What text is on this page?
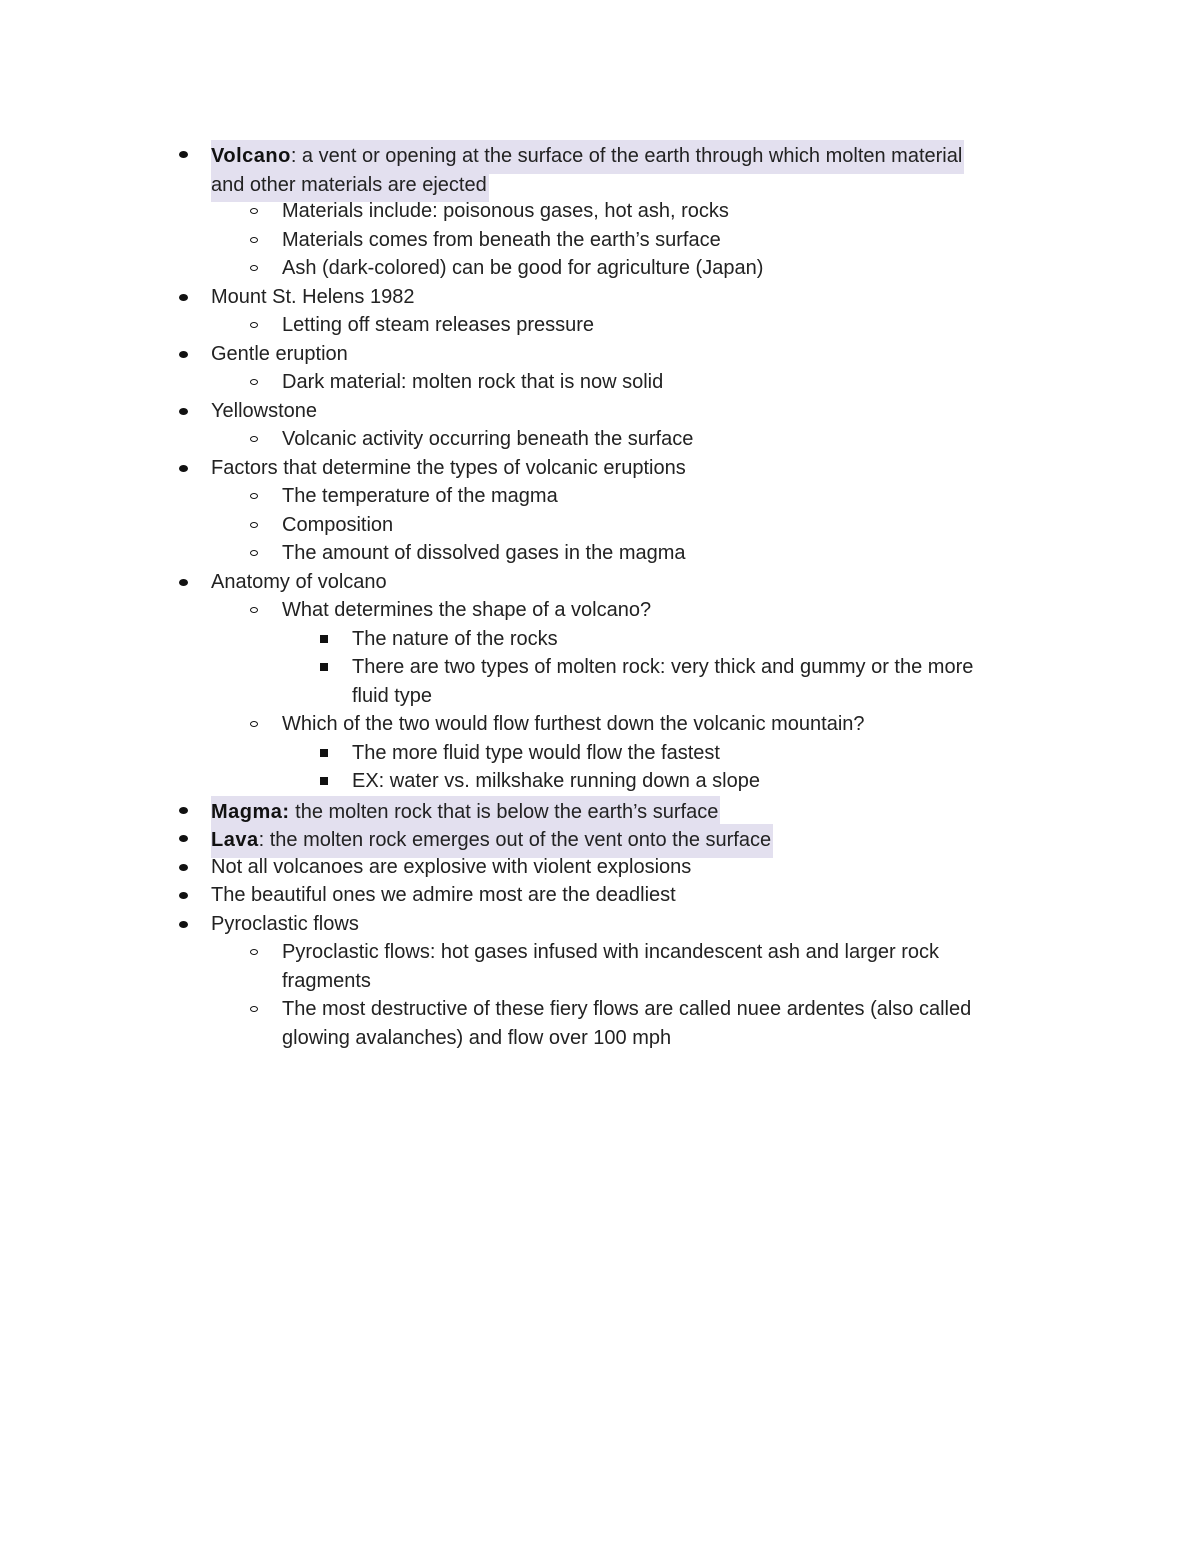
Volcano: a vent or opening at the surface of the earth through which molten material
and other materials are ejected
Materials include: poisonous gases, hot ash, rocks
Materials comes from beneath the earth’s surface
Ash (dark-colored) can be good for agriculture (Japan)
Mount St. Helens 1982
Letting off steam releases pressure
Gentle eruption
Dark material: molten rock that is now solid
Yellowstone
Volcanic activity occurring beneath the surface
Factors that determine the types of volcanic eruptions
The temperature of the magma
Composition
The amount of dissolved gases in the magma
Anatomy of volcano
What determines the shape of a volcano?
The nature of the rocks
There are two types of molten rock: very thick and gummy or the more
fluid type
Which of the two would flow furthest down the volcanic mountain?
The more fluid type would flow the fastest
EX: water vs. milkshake running down a slope
Magma: the molten rock that is below the earth’s surface
Lava: the molten rock emerges out of the vent onto the surface
Not all volcanoes are explosive with violent explosions
The beautiful ones we admire most are the deadliest
Pyroclastic flows
Pyroclastic flows: hot gases infused with incandescent ash and larger rock
fragments
The most destructive of these fiery flows are called nuee ardentes (also called
glowing avalanches) and flow over 100 mph
